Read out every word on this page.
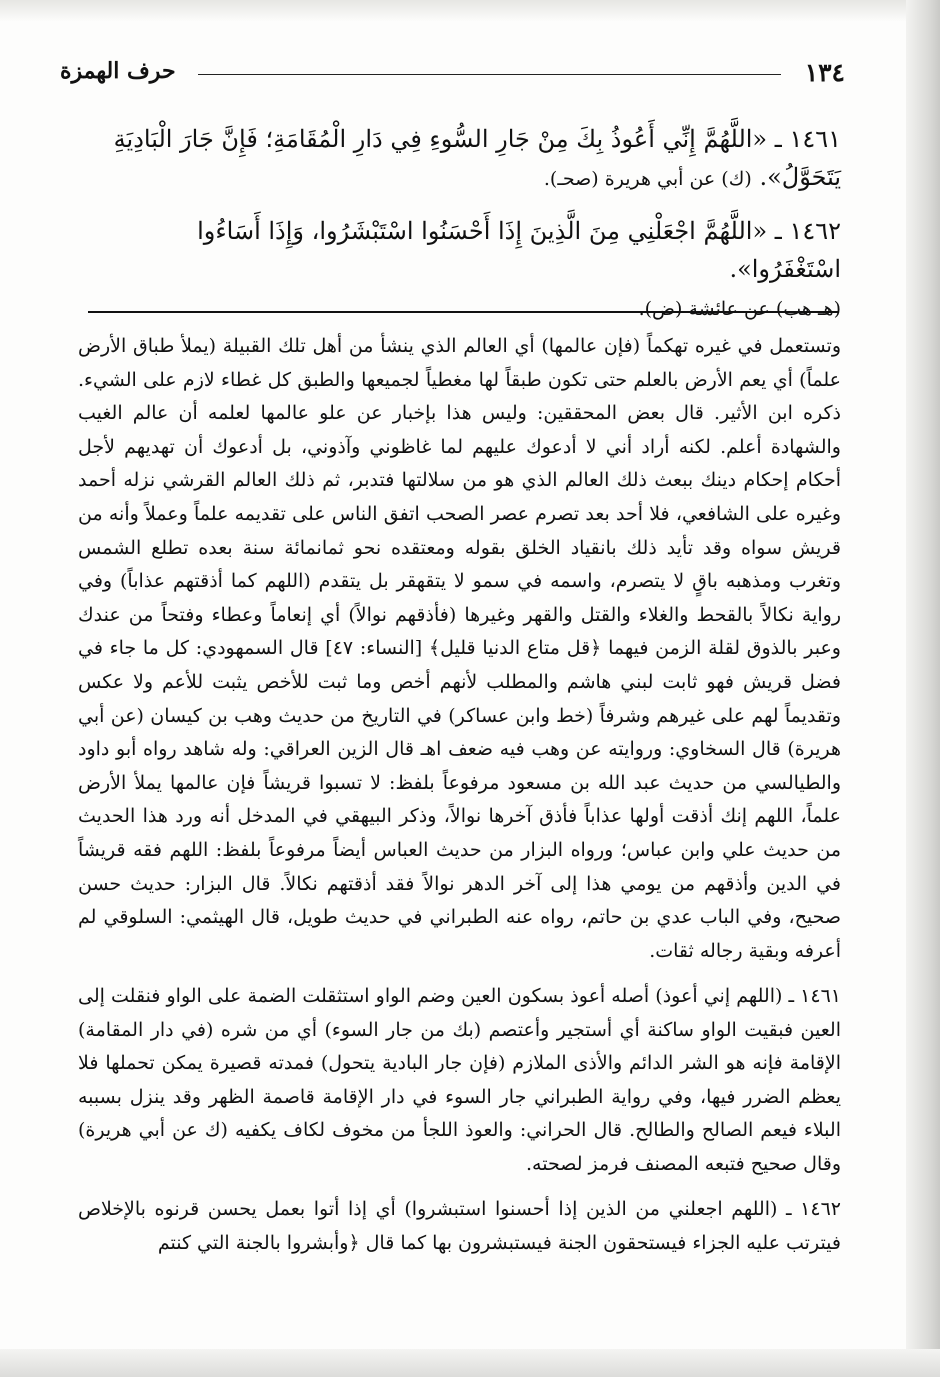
١٣٤
حرف الهمزة
١٤٦١ ـ «اللَّهُمَّ إِنِّي أَعُوذُ بِكَ مِنْ جَارِ السُّوءِ فِي دَارِ الْمُقَامَةِ؛ فَإِنَّ جَارَ الْبَادِيَةِ يَتَحَوَّلُ». (ك) عن أبي هريرة (صحـ).
١٤٦٢ ـ «اللَّهُمَّ اجْعَلْنِي مِنَ الَّذِينَ إِذَا أَحْسَنُوا اسْتَبْشَرُوا، وَإِذَا أَسَاءُوا اسْتَغْفَرُوا».
(هـ هب) عن عائشة (ض).

وتستعمل في غيره تهكماً (فإن عالمها) أي العالم الذي ينشأ من أهل تلك القبيلة (يملأ طباق الأرض علماً) أي يعم الأرض بالعلم حتى تكون طبقاً لها مغطياً لجميعها والطبق كل غطاء لازم على الشيء. ذكره ابن الأثير. قال بعض المحققين: وليس هذا بإخبار عن علو عالمها لعلمه أن عالم الغيب والشهادة أعلم. لكنه أراد أني لا أدعوك عليهم لما غاظوني وآذوني، بل أدعوك أن تهديهم لأجل أحكام إحكام دينك ببعث ذلك العالم الذي هو من سلالتها فتدبر، ثم ذلك العالم القرشي نزله أحمد وغيره على الشافعي، فلا أحد بعد تصرم عصر الصحب اتفق الناس على تقديمه علماً وعملاً وأنه من قريش سواه وقد تأيد ذلك بانقياد الخلق بقوله ومعتقده نحو ثمانمائة سنة بعده تطلع الشمس وتغرب ومذهبه باقٍ لا يتصرم، واسمه في سمو لا يتقهقر بل يتقدم (اللهم كما أذقتهم عذاباً) وفي رواية نكالاً بالقحط والغلاء والقتل والقهر وغيرها (فأذقهم نوالاً) أي إنعاماً وعطاء وفتحاً من عندك وعبر بالذوق لقلة الزمن فيهما ﴿قل متاع الدنيا قليل﴾ [النساء: ٤٧] قال السمهودي: كل ما جاء في فضل قريش فهو ثابت لبني هاشم والمطلب لأنهم أخص وما ثبت للأخص يثبت للأعم ولا عكس وتقديماً لهم على غيرهم وشرفاً (خط وابن عساكر) في التاريخ من حديث وهب بن كيسان (عن أبي هريرة) قال السخاوي: وروايته عن وهب فيه ضعف اهـ قال الزين العراقي: وله شاهد رواه أبو داود والطيالسي من حديث عبد الله بن مسعود مرفوعاً بلفظ: لا تسبوا قريشاً فإن عالمها يملأ الأرض علماً، اللهم إنك أذقت أولها عذاباً فأذق آخرها نوالاً، وذكر البيهقي في المدخل أنه ورد هذا الحديث من حديث علي وابن عباس؛ ورواه البزار من حديث العباس أيضاً مرفوعاً بلفظ: اللهم فقه قريشاً في الدين وأذقهم من يومي هذا إلى آخر الدهر نوالاً فقد أذقتهم نكالاً. قال البزار: حديث حسن صحيح، وفي الباب عدي بن حاتم، رواه عنه الطبراني في حديث طويل، قال الهيثمي: السلوقي لم أعرفه وبقية رجاله ثقات.

١٤٦١ ـ (اللهم إني أعوذ) أصله أعوذ بسكون العين وضم الواو استثقلت الضمة على الواو فنقلت إلى العين فبقيت الواو ساكنة أي أستجير وأعتصم (بك من جار السوء) أي من شره (في دار المقامة) الإقامة فإنه هو الشر الدائم والأذى الملازم (فإن جار البادية يتحول) فمدته قصيرة يمكن تحملها فلا يعظم الضرر فيها، وفي رواية الطبراني جار السوء في دار الإقامة قاصمة الظهر وقد ينزل بسببه البلاء فيعم الصالح والطالح. قال الحراني: والعوذ اللجأ من مخوف لكاف يكفيه (ك عن أبي هريرة) وقال صحيح فتبعه المصنف فرمز لصحته.

١٤٦٢ ـ (اللهم اجعلني من الذين إذا أحسنوا استبشروا) أي إذا أتوا بعمل يحسن قرنوه بالإخلاص فيترتب عليه الجزاء فيستحقون الجنة فيستبشرون بها كما قال ﴿وأبشروا بالجنة التي كنتم
